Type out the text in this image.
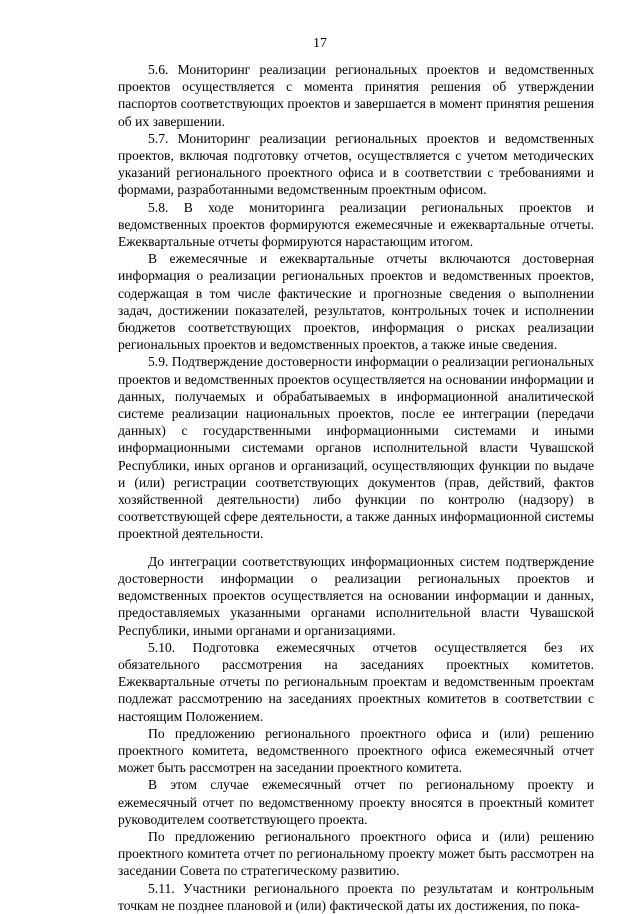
17

5.6. Мониторинг реализации региональных проектов и ведомственных проектов осуществляется с момента принятия решения об утверждении паспортов соответствующих проектов и завершается в момент принятия решения об их завершении.

5.7. Мониторинг реализации региональных проектов и ведомственных проектов, включая подготовку отчетов, осуществляется с учетом методических указаний регионального проектного офиса и в соответствии с требованиями и формами, разработанными ведомственным проектным офисом.

5.8. В ходе мониторинга реализации региональных проектов и ведомственных проектов формируются ежемесячные и ежеквартальные отчеты. Ежеквартальные отчеты формируются нарастающим итогом.

В ежемесячные и ежеквартальные отчеты включаются достоверная информация о реализации региональных проектов и ведомственных проектов, содержащая в том числе фактические и прогнозные сведения о выполнении задач, достижении показателей, результатов, контрольных точек и исполнении бюджетов соответствующих проектов, информация о рисках реализации региональных проектов и ведомственных проектов, а также иные сведения.

5.9. Подтверждение достоверности информации о реализации региональных проектов и ведомственных проектов осуществляется на основании информации и данных, получаемых и обрабатываемых в информационной аналитической системе реализации национальных проектов, после ее интеграции (передачи данных) с государственными информационными системами и иными информационными системами органов исполнительной власти Чувашской Республики, иных органов и организаций, осуществляющих функции по выдаче и (или) регистрации соответствующих документов (прав, действий, фактов хозяйственной деятельности) либо функции по контролю (надзору) в соответствующей сфере деятельности, а также данных информационной системы проектной деятельности.

До интеграции соответствующих информационных систем подтверждение достоверности информации о реализации региональных проектов и ведомственных проектов осуществляется на основании информации и данных, предоставляемых указанными органами исполнительной власти Чувашской Республики, иными органами и организациями.

5.10. Подготовка ежемесячных отчетов осуществляется без их обязательного рассмотрения на заседаниях проектных комитетов. Ежеквартальные отчеты по региональным проектам и ведомственным проектам подлежат рассмотрению на заседаниях проектных комитетов в соответствии с настоящим Положением.

По предложению регионального проектного офиса и (или) решению проектного комитета, ведомственного проектного офиса ежемесячный отчет может быть рассмотрен на заседании проектного комитета.

В этом случае ежемесячный отчет по региональному проекту и ежемесячный отчет по ведомственному проекту вносятся в проектный комитет руководителем соответствующего проекта.

По предложению регионального проектного офиса и (или) решению проектного комитета отчет по региональному проекту может быть рассмотрен на заседании Совета по стратегическому развитию.

5.11. Участники регионального проекта по результатам и контрольным точкам не позднее плановой и (или) фактической даты их достижения, по пока-
